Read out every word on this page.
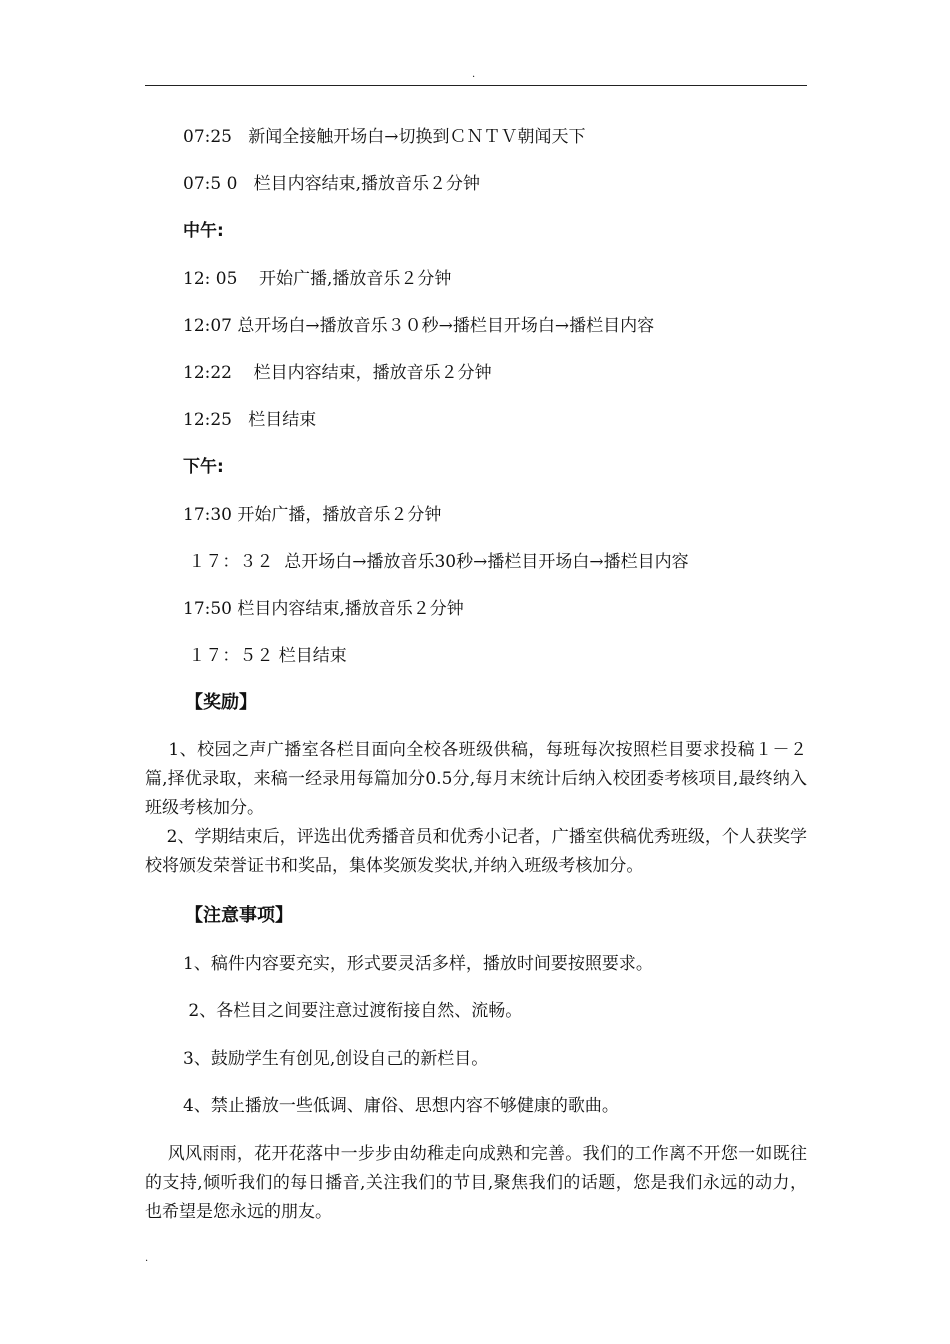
.
07:25   新闻全接触开场白→切换到ＣＮＴＶ朝闻天下
07:5 0   栏目内容结束,播放音乐２分钟
中午:
12: 05    开始广播,播放音乐２分钟
12:07 总开场白→播放音乐３０秒→播栏目开场白→播栏目内容
12:22    栏目内容结束，播放音乐２分钟
12:25   栏目结束
下午:
17:30 开始广播，播放音乐２分钟
１７：３２  总开场白→播放音乐30秒→播栏目开场白→播栏目内容
17:50 栏目内容结束,播放音乐２分钟
１７：５２ 栏目结束
【奖励】
1、校园之声广播室各栏目面向全校各班级供稿，每班每次按照栏目要求投稿１－２篇,择优录取，来稿一经录用每篇加分0.5分,每月末统计后纳入校团委考核项目,最终纳入班级考核加分。
2、学期结束后，评选出优秀播音员和优秀小记者，广播室供稿优秀班级，个人获奖学校将颁发荣誉证书和奖品，集体奖颁发奖状,并纳入班级考核加分。
【注意事项】
1、稿件内容要充实，形式要灵活多样，播放时间要按照要求。
2、各栏目之间要注意过渡衔接自然、流畅。
3、鼓励学生有创见,创设自己的新栏目。
4、禁止播放一些低调、庸俗、思想内容不够健康的歌曲。
风风雨雨，花开花落中一步步由幼稚走向成熟和完善。我们的工作离不开您一如既往的支持,倾听我们的每日播音,关注我们的节目,聚焦我们的话题，您是我们永远的动力，也希望是您永远的朋友。
.
